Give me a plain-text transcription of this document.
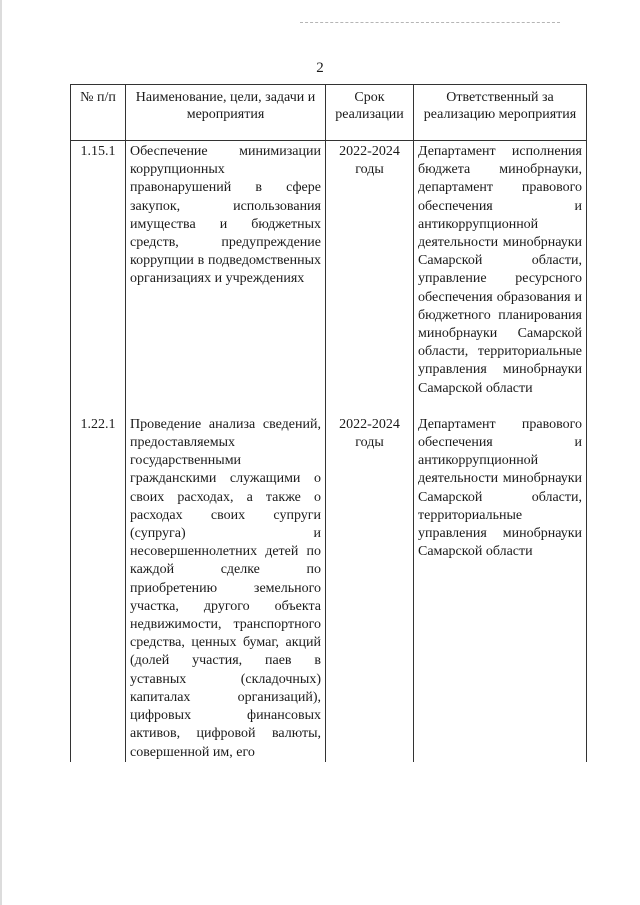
2
№ п/п	Наименование, цели, задачи и мероприятия	Срок реализации	Ответственный за реализацию мероприятия
1.15.1	Обеспечение минимизации коррупционных правонарушений в сфере закупок, использования имущества и бюджетных средств, предупреждение коррупции в подведомственных организациях и учреждениях	2022-2024 годы	Департамент исполнения бюджета минобрнауки, департамент правового обеспечения и антикоррупционной деятельности минобрнауки Самарской области, управление ресурсного обеспечения образования и бюджетного планирования минобрнауки Самарской области, территориальные управления минобрнауки Самарской области
1.22.1	Проведение анализа сведений, предоставляемых государственными гражданскими служащими о своих расходах, а также о расходах своих супруги (супруга) и несовершеннолетних детей по каждой сделке по приобретению земельного участка, другого объекта недвижимости, транспортного средства, ценных бумаг, акций (долей участия, паев в уставных (складочных) капиталах организаций), цифровых финансовых активов, цифровой валюты, совершенной им, его	2022-2024 годы	Департамент правового обеспечения и антикоррупционной деятельности минобрнауки Самарской области, территориальные управления минобрнауки Самарской области
